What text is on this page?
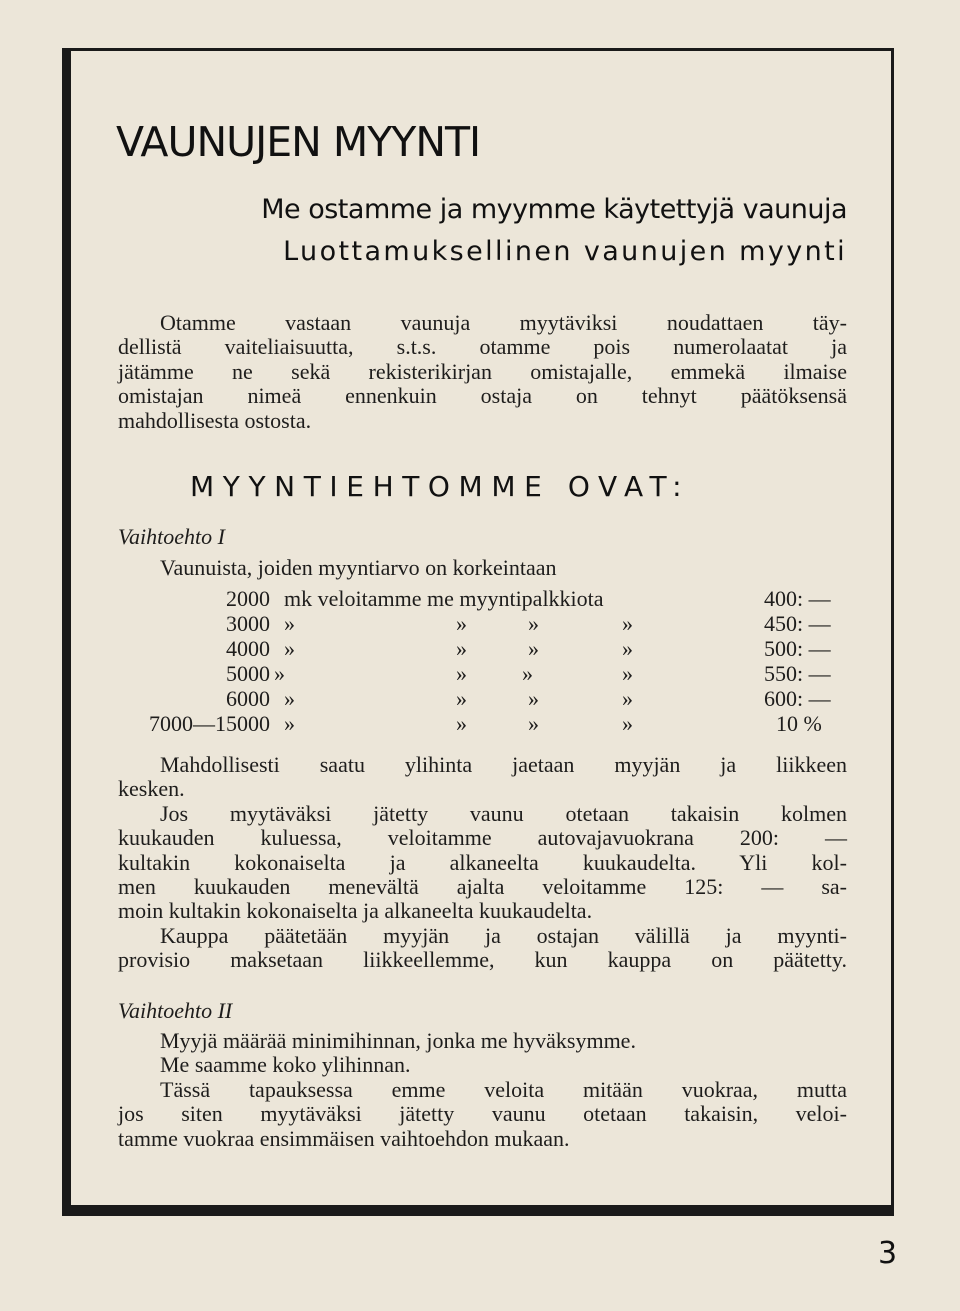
VAUNUJEN MYYNTI

Me ostamme ja myymme käytettyjä vaunuja

Luottamuksellinen vaunujen myynti

Otamme vastaan vaunuja myytäviksi noudattaen täy-
dellistä vaiteliaisuutta, s.t.s. otamme pois numerolaatat ja
jätämme ne sekä rekisterikirjan omistajalle, emmekä ilmaise
omistajan nimeä ennenkuin ostaja on tehnyt päätöksensä
mahdollisesta ostosta.
MYYNTIEHTOMME OVAT:

Vaihtoehto I

Vaunuista, joiden myyntiarvo on korkeintaan
2000 mk veloitamme me myyntipalkkiota	400: —
3000 »	»	»	»	450: —
4000 »	»	»	»	500: —
5000 »	»	»	»	550: —
6000 »	»	»	»	600: —
7000—15000 »	»	»	»	10 %
Mahdollisesti saatu ylihinta jaetaan myyjän ja liikkeen
kesken.
Jos myytäväksi jätetty vaunu otetaan takaisin kolmen
kuukauden kuluessa, veloitamme autovajavuokrana 200: —
kultakin kokonaiselta ja alkaneelta kuukaudelta. Yli kol-
men kuukauden menevältä ajalta veloitamme 125: — sa-
moin kultakin kokonaiselta ja alkaneelta kuukaudelta.
Kauppa päätetään myyjän ja ostajan välillä ja myynti-
provisio maksetaan liikkeellemme, kun kauppa on päätetty.

Vaihtoehto II

Myyjä määrää minimihinnan, jonka me hyväksymme.
Me saamme koko ylihinnan.
Tässä tapauksessa emme veloita mitään vuokraa, mutta
jos siten myytäväksi jätetty vaunu otetaan takaisin, veloi-
tamme vuokraa ensimmäisen vaihtoehdon mukaan.
3
